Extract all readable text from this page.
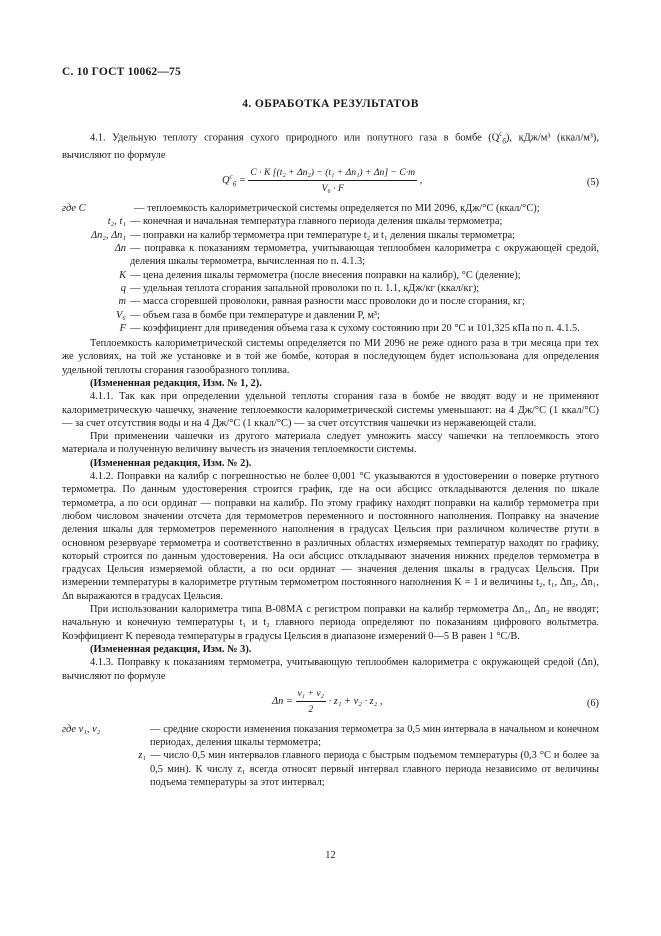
С. 10 ГОСТ 10062—75
4. ОБРАБОТКА РЕЗУЛЬТАТОВ

4.1. Удельную теплоту сгорания сухого природного или попутного газа в бомбе $(Q^с_б)$, кДж/м³ (ккал/м³), вычисляют по формуле

$Q^с_б = \frac{\text{C · K [(t₂ + Δn₂) − (t₁ + Δn₁) + Δn] − C·m}}{\text{V₆ · F}}$ ,	(5)
где C	— теплоемкость калориметрической системы определяется по МИ 2096, кДж/°С (ккал/°С);
t₂, t₁ — конечная и начальная температура главного периода деления шкалы термометра;
Δn₂, Δn₁ — поправки на калибр термометра при температуре t₂ и t₁ деления шкалы термометра;
Δn — поправка к показаниям термометра, учитывающая теплообмен калориметра с окружающей средой, деления шкалы термометра, вычисленная по п. 4.1.3;
K — цена деления шкалы термометра (после внесения поправки на калибр), °С (деление);
q — удельная теплота сгорания запальной проволоки по п. 1.1, кДж/кг (ккал/кг);
m — масса сгоревшей проволоки, равная разности масс проволоки до и после сгорания, кг;
V₆ — объем газа в бомбе при температуре и давлении P, м³;
F — коэффициент для приведения объема газа к сухому состоянию при 20 °С и 101,325 кПа по п. 4.1.5.

Теплоемкость калориметрической системы определяется по МИ 2096 не реже одного раза в три месяца при тех же условиях, на той же установке и в той же бомбе, которая в последующем будет использована для определения удельной теплоты сгорания газообразного топлива.

(Измененная редакция, Изм. № 1, 2).

4.1.1. Так как при определении удельной теплоты сгорания газа в бомбе не вводят воду и не применяют калориметрическую чашечку, значение теплоемкости калориметрической системы уменьшают: на 4 Дж/°С (1 ккал/°С) — за счет отсутствия воды и на 4 Дж/°С (1 ккал/°С) — за счет отсутствия чашечки из нержавеющей стали.

При применении чашечки из другого материала следует умножить массу чашечки на теплоемкость этого материала и полученную величину вычесть из значения теплоемкости системы.

(Измененная редакция, Изм. № 2).

4.1.2. Поправки на калибр с погрешностью не более 0,001 °С указываются в удостоверении о поверке ртутного термометра. По данным удостоверения строится график, где на оси абсцисс откладываются деления по шкале термометра, а по оси ординат — поправки на калибр. По этому графику находят поправки на калибр термометра при любом числовом значении отсчета для термометров переменного и постоянного наполнения. Поправку на значение деления шкалы для термометров переменного наполнения в градусах Цельсия при различном количестве ртути в основном резервуаре термометра и соответственно в различных областях измеряемых температур находят по графику, который строится по данным удостоверения. На оси абсцисс откладывают значения нижних пределов термометра в градусах Цельсия измеряемой области, а по оси ординат — значения деления шкалы в градусах Цельсия. При измерении температуры в калориметре ртутным термометром постоянного наполнения K = 1 и величины t₂, t₁, Δn₂, Δn₁, Δn выражаются в градусах Цельсия.

При использовании калориметра типа В-08МА с регистром поправки на калибр термометра Δn₁, Δn₂ не вводят; начальную и конечную температуры t₁ и t₂ главного периода определяют по показаниям цифрового вольтметра. Коэффициент K перевода температуры в градусы Цельсия в диапазоне измерений 0—5 В равен 1 °С/В.

(Измененная редакция, Изм. № 3).

4.1.3. Поправку к показаниям термометра, учитывающую теплообмен калориметра с окружающей средой (Δn), вычисляют по формуле

$\Delta n = \frac{\text{v₁ + v₂}}{2} \cdot z_1 + v_2 \cdot z_2$ ,	(6)
где v₁, v₂	— средние скорости изменения показания термометра за 0,5 мин интервала в начальном и конечном периодах, деления шкалы термометра;
z₁ — число 0,5 мин интервалов главного периода с быстрым подъемом температуры (0,3 °С и более за 0,5 мин). К числу z₁ всегда относят первый интервал главного периода независимо от величины подъема температуры за этот интервал;
12
